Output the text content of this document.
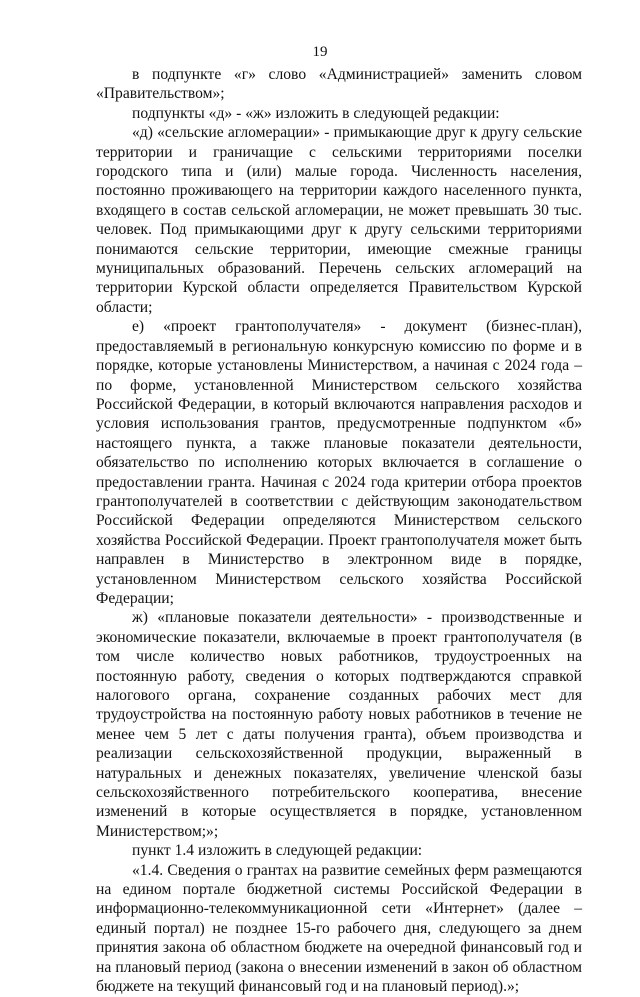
19

в подпункте «г» слово «Администрацией» заменить словом «Правительством»;

подпункты «д» - «ж» изложить в следующей редакции:

«д) «сельские агломерации» - примыкающие друг к другу сельские территории и граничащие с сельскими территориями поселки городского типа и (или) малые города. Численность населения, постоянно проживающего на территории каждого населенного пункта, входящего в состав сельской агломерации, не может превышать 30 тыс. человек. Под примыкающими друг к другу сельскими территориями понимаются сельские территории, имеющие смежные границы муниципальных образований. Перечень сельских агломераций на территории Курской области определяется Правительством Курской области;

е) «проект грантополучателя» - документ (бизнес-план), предоставляемый в региональную конкурсную комиссию по форме и в порядке, которые установлены Министерством, а начиная с 2024 года – по форме, установленной Министерством сельского хозяйства Российской Федерации, в который включаются направления расходов и условия использования грантов, предусмотренные подпунктом «б» настоящего пункта, а также плановые показатели деятельности, обязательство по исполнению которых включается в соглашение о предоставлении гранта. Начиная с 2024 года критерии отбора проектов грантополучателей в соответствии с действующим законодательством Российской Федерации определяются Министерством сельского хозяйства Российской Федерации. Проект грантополучателя может быть направлен в Министерство в электронном виде в порядке, установленном Министерством сельского хозяйства Российской Федерации;

ж) «плановые показатели деятельности» - производственные и экономические показатели, включаемые в проект грантополучателя (в том числе количество новых работников, трудоустроенных на постоянную работу, сведения о которых подтверждаются справкой налогового органа, сохранение созданных рабочих мест для трудоустройства на постоянную работу новых работников в течение не менее чем 5 лет с даты получения гранта), объем производства и реализации сельскохозяйственной продукции, выраженный в натуральных и денежных показателях, увеличение членской базы сельскохозяйственного потребительского кооператива, внесение изменений в которые осуществляется в порядке, установленном Министерством;»;

пункт 1.4 изложить в следующей редакции:

«1.4. Сведения о грантах на развитие семейных ферм размещаются на едином портале бюджетной системы Российской Федерации в информационно-телекоммуникационной сети «Интернет» (далее – единый портал) не позднее 15-го рабочего дня, следующего за днем принятия закона об областном бюджете на очередной финансовый год и на плановый период (закона о внесении изменений в закон об областном бюджете на текущий финансовый год и на плановый период).»;
